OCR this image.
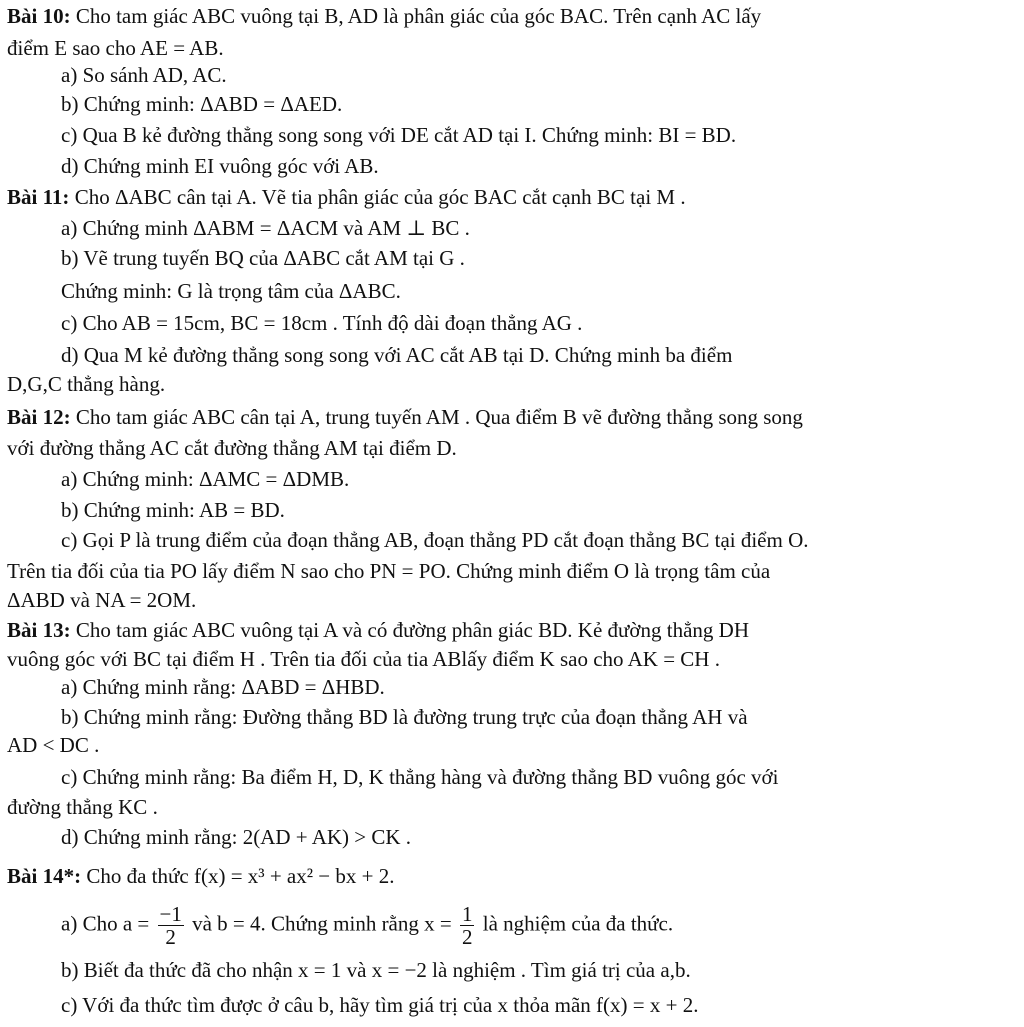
Bài 10: Cho tam giác ABC vuông tại B, AD là phân giác của góc BAC. Trên cạnh AC lấy
điểm E sao cho AE = AB.
a) So sánh AD, AC.
b) Chứng minh: ΔABD = ΔAED.
c) Qua B kẻ đường thẳng song song với DE cắt AD tại I. Chứng minh: BI = BD.
d) Chứng minh EI vuông góc với AB.
Bài 11: Cho ΔABC cân tại A. Vẽ tia phân giác của góc BAC cắt cạnh BC tại M .
a) Chứng minh ΔABM = ΔACM và AM ⊥ BC .
b) Vẽ trung tuyến BQ của ΔABC cắt AM tại G .
Chứng minh: G là trọng tâm của ΔABC.
c) Cho AB = 15cm, BC = 18cm . Tính độ dài đoạn thẳng AG .
d) Qua M kẻ đường thẳng song song với AC cắt AB tại D. Chứng minh ba điểm
D,G,C thẳng hàng.
Bài 12: Cho tam giác ABC cân tại A, trung tuyến AM . Qua điểm B vẽ đường thẳng song song
với đường thẳng AC cắt đường thẳng AM tại điểm D.
a) Chứng minh: ΔAMC = ΔDMB.
b) Chứng minh: AB = BD.
c) Gọi P là trung điểm của đoạn thẳng AB, đoạn thẳng PD cắt đoạn thẳng BC tại điểm O.
Trên tia đối của tia PO lấy điểm N sao cho PN = PO. Chứng minh điểm O là trọng tâm của
ΔABD và NA = 2OM.
Bài 13: Cho tam giác ABC vuông tại A và có đường phân giác BD. Kẻ đường thẳng DH
vuông góc với BC tại điểm H . Trên tia đối của tia ABlấy điểm K sao cho AK = CH .
a) Chứng minh rằng: ΔABD = ΔHBD.
b) Chứng minh rằng: Đường thẳng BD là đường trung trực của đoạn thẳng AH và
AD < DC .
c) Chứng minh rằng: Ba điểm H, D, K thẳng hàng và đường thẳng BD vuông góc với
đường thẳng KC .
d) Chứng minh rằng: 2(AD + AK) > CK .
Bài 14*: Cho đa thức f(x) = x³ + ax² − bx + 2.
a) Cho $a = \frac{-1}{2}$ và b = 4. Chứng minh rằng $x = \frac{1}{2}$ là nghiệm của đa thức.
b) Biết đa thức đã cho nhận x = 1 và x = −2 là nghiệm . Tìm giá trị của a,b.
c) Với đa thức tìm được ở câu b, hãy tìm giá trị của x thỏa mãn f(x) = x + 2.
